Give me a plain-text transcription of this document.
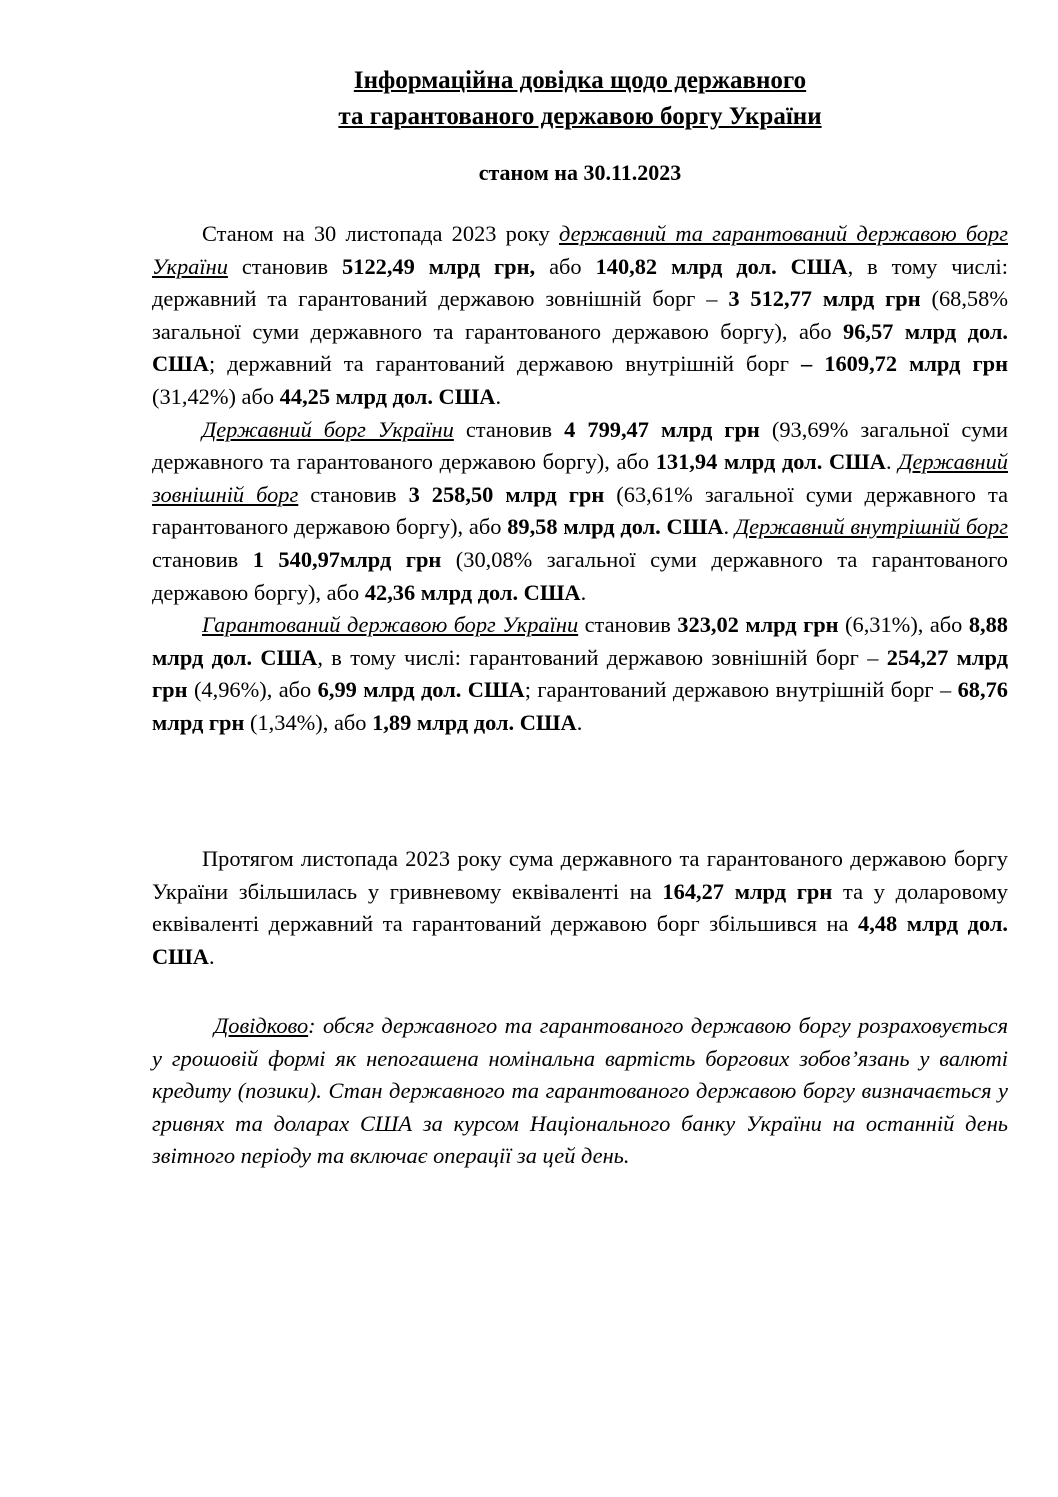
Інформаційна довідка щодо державного
та гарантованого державою боргу України
станом на 30.11.2023

Станом на 30 листопада 2023 року державний та гарантований державою борг України становив 5122,49 млрд грн, або 140,82 млрд дол. США, в тому числі: державний та гарантований державою зовнішній борг – 3 512,77 млрд грн (68,58% загальної суми державного та гарантованого державою боргу), або 96,57 млрд дол. США; державний та гарантований державою внутрішній борг – 1609,72 млрд грн (31,42%) або 44,25 млрд дол. США.

Державний борг України становив 4 799,47 млрд грн (93,69% загальної суми державного та гарантованого державою боргу), або 131,94 млрд дол. США. Державний зовнішній борг становив 3 258,50 млрд грн (63,61% загальної суми державного та гарантованого державою боргу), або 89,58 млрд дол. США. Державний внутрішній борг становив 1 540,97млрд грн (30,08% загальної суми державного та гарантованого державою боргу), або 42,36 млрд дол. США.

Гарантований державою борг України становив 323,02 млрд грн (6,31%), або 8,88 млрд дол. США, в тому числі: гарантований державою зовнішній борг – 254,27 млрд грн (4,96%), або 6,99 млрд дол. США; гарантований державою внутрішній борг – 68,76 млрд грн (1,34%), або 1,89 млрд дол. США.

Протягом листопада 2023 року сума державного та гарантованого державою боргу України збільшилась у гривневому еквіваленті на 164,27 млрд грн та у доларовому еквіваленті державний та гарантований державою борг збільшився на 4,48 млрд дол. США.

Довідково: обсяг державного та гарантованого державою боргу розраховується у грошовій формі як непогашена номінальна вартість боргових зобов’язань у валюті кредиту (позики). Стан державного та гарантованого державою боргу визначається у гривнях та доларах США за курсом Національного банку України на останній день звітного періоду та включає операції за цей день.
